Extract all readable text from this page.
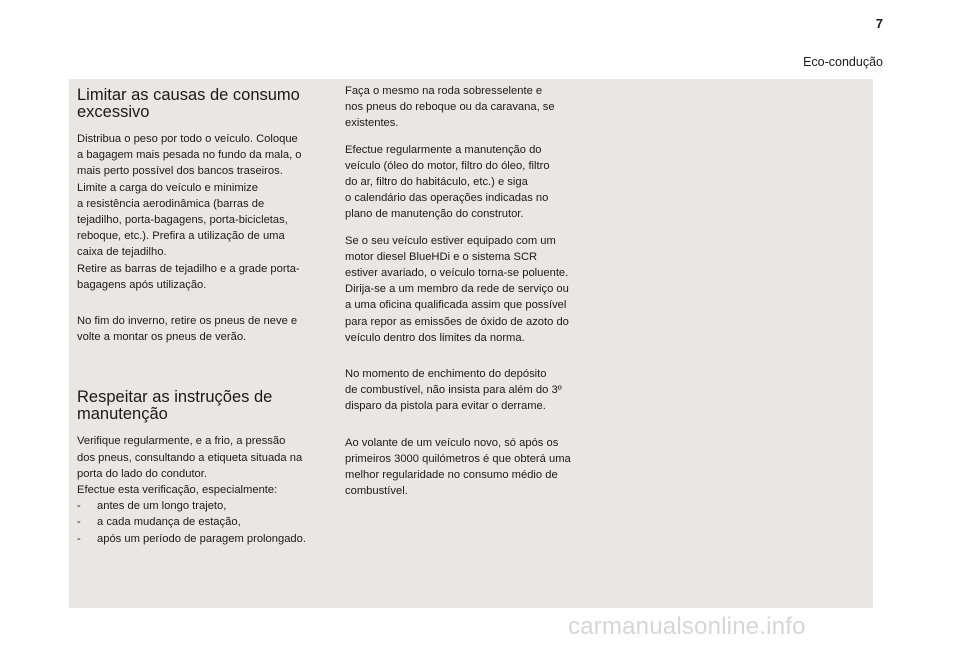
7
Eco-condução
Limitar as causas de consumo
excessivo

Distribua o peso por todo o veículo. Coloque
a bagagem mais pesada no fundo da mala, o
mais perto possível dos bancos traseiros.
Limite a carga do veículo e minimize
a resistência aerodinâmica (barras de
tejadilho, porta-bagagens, porta-bicicletas,
reboque, etc.). Prefira a utilização de uma
caixa de tejadilho.
Retire as barras de tejadilho e a grade porta-
bagagens após utilização.

No fim do inverno, retire os pneus de neve e
volte a montar os pneus de verão.

Respeitar as instruções de
manutenção

Verifique regularmente, e a frio, a pressão
dos pneus, consultando a etiqueta situada na
porta do lado do condutor.
Efectue esta verificação, especialmente:

-	antes de um longo trajeto,
-	a cada mudança de estação,
-	após um período de paragem prolongado.

Faça o mesmo na roda sobresselente e
nos pneus do reboque ou da caravana, se
existentes.

Efectue regularmente a manutenção do
veículo (óleo do motor, filtro do óleo, filtro
do ar, filtro do habitáculo, etc.) e siga
o calendário das operações indicadas no
plano de manutenção do construtor.

Se o seu veículo estiver equipado com um
motor diesel BlueHDi e o sistema SCR
estiver avariado, o veículo torna-se poluente.
Dirija-se a um membro da rede de serviço ou
a uma oficina qualificada assim que possível
para repor as emissões de óxido de azoto do
veículo dentro dos limites da norma.

No momento de enchimento do depósito
de combustível, não insista para além do 3º
disparo da pistola para evitar o derrame.

Ao volante de um veículo novo, só após os
primeiros 3000 quilómetros é que obterá uma
melhor regularidade no consumo médio de
combustível.

carmanualsonline.info
